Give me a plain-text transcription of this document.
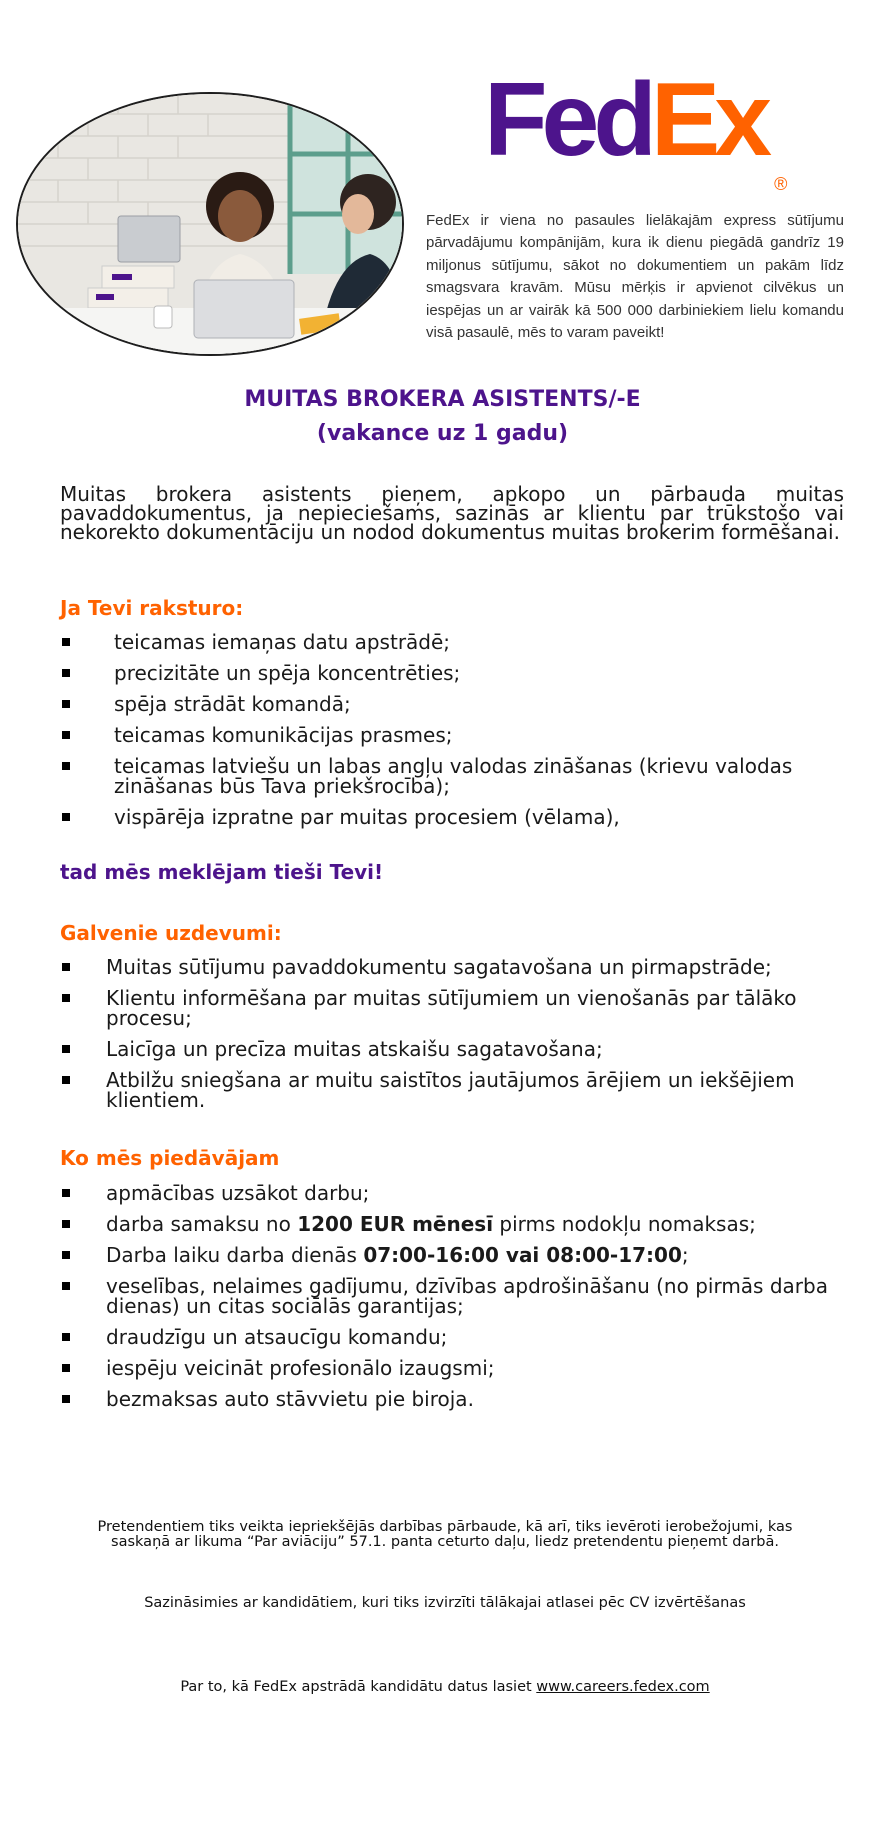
Fed Ex
®
FedEx ir viena no pasaules lielākajām express sūtījumu pārvadājumu kompānijām, kura ik dienu piegādā gandrīz 19 miljonus sūtījumu, sākot no dokumentiem un pakām līdz smagsvara kravām. Mūsu mērķis ir apvienot cilvēkus un iespējas un ar vairāk kā 500 000 darbiniekiem lielu komandu visā pasaulē, mēs to varam paveikt!
MUITAS BROKERA ASISTENTS/-E
(vakance uz 1 gadu)
Muitas brokera asistents pieņem, apkopo un pārbauda muitas pavaddokumentus, ja nepieciešams, sazinās ar klientu par trūkstošo vai nekorekto dokumentāciju un nodod dokumentus muitas brokerim formēšanai.
Ja Tevi raksturo:
teicamas iemaņas datu apstrādē;
precizitāte un spēja koncentrēties;
spēja strādāt komandā;
teicamas komunikācijas prasmes;
teicamas latviešu un labas angļu valodas zināšanas (krievu valodas zināšanas būs Tava priekšrocība);
vispārēja izpratne par muitas procesiem (vēlama),
tad mēs meklējam tieši Tevi!
Galvenie uzdevumi:
Muitas sūtījumu pavaddokumentu sagatavošana un pirmapstrāde;
Klientu informēšana par muitas sūtījumiem un vienošanās par tālāko procesu;
Laicīga un precīza muitas atskaišu sagatavošana;
Atbilžu sniegšana ar muitu saistītos jautājumos ārējiem un iekšējiem klientiem.
Ko mēs piedāvājam
apmācības uzsākot darbu;
darba samaksu no 1200 EUR mēnesī pirms nodokļu nomaksas;
Darba laiku darba dienās 07:00-16:00 vai 08:00-17:00;
veselības, nelaimes gadījumu, dzīvības apdrošināšanu (no pirmās darba dienas) un citas sociālās garantijas;
draudzīgu un atsaucīgu komandu;
iespēju veicināt profesionālo izaugsmi;
bezmaksas auto stāvvietu pie biroja.
Pretendentiem tiks veikta iepriekšējās darbības pārbaude, kā arī, tiks ievēroti ierobežojumi, kas saskaņā ar likuma “Par aviāciju” 57.1. panta ceturto daļu, liedz pretendentu pieņemt darbā.
Sazināsimies ar kandidātiem, kuri tiks izvirzīti tālākajai atlasei pēc CV izvērtēšanas
Par to, kā FedEx apstrādā kandidātu datus lasiet www.careers.fedex.com
